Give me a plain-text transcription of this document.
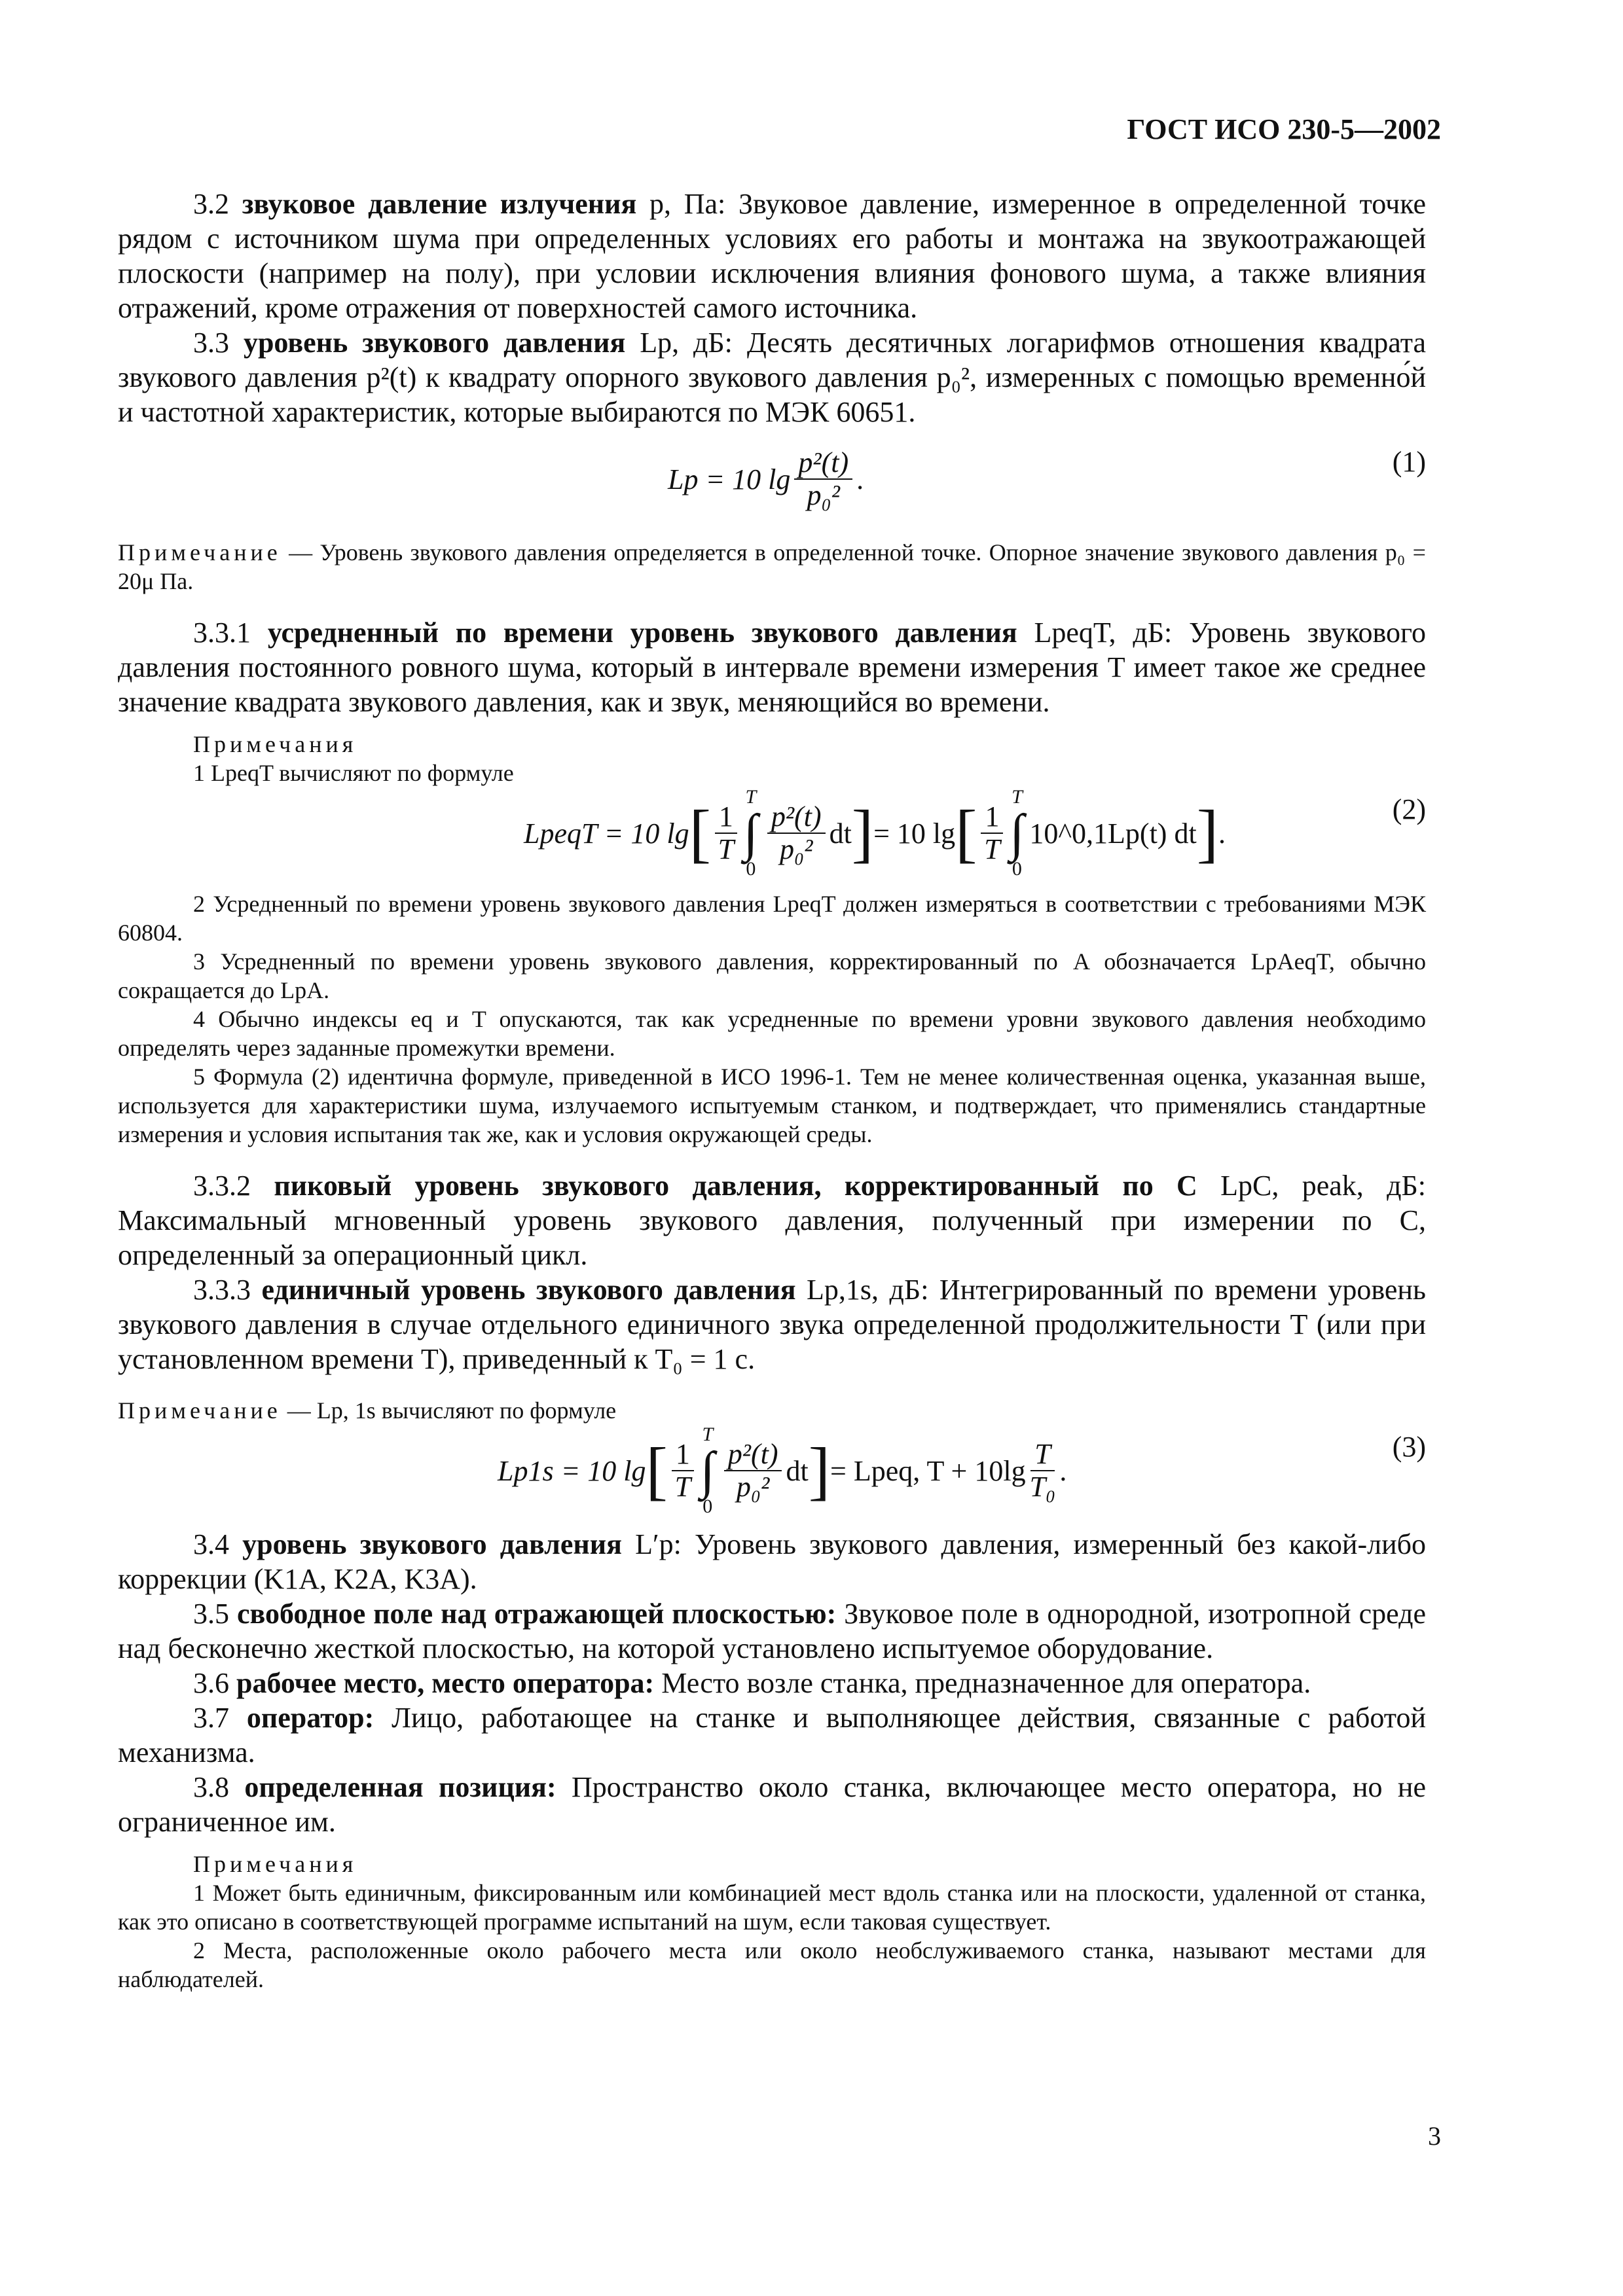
ГОСТ ИСО 230-5—2002

3.2 звуковое давление излучения p, Па: Звуковое давление, измеренное в определенной точке рядом с источником шума при определенных условиях его работы и монтажа на звукоотражающей плоскости (например на полу), при условии исключения влияния фонового шума, а также влияния отражений, кроме отражения от поверхностей самого источника.

3.3 уровень звукового давления Lp, дБ: Десять десятичных логарифмов отношения квадрата звукового давления p²(t) к квадрату опорного звукового давления p₀², измеренных с помощью временно́й и частотной характеристик, которые выбираются по МЭК 60651.

Lp = 10 $\lg \frac{\text{p²(t)}}{\text{p₀²}}$ .
(1)

Примечание — Уровень звукового давления определяется в определенной точке. Опорное значение звукового давления p₀ = 20μ Па.

3.3.1 усредненный по времени уровень звукового давления LpeqT, дБ: Уровень звукового давления постоянного ровного шума, который в интервале времени измерения T имеет такое же среднее значение квадрата звукового давления, как и звук, меняющийся во времени.

Примечания

1 LpeqT вычисляют по формуле

LpeqT = 10 lg [ $\frac{1}{T}$
T
∫
0
$\frac{\text{p²(t)}}{\text{p₀²}}$ dt ] = 10 lg [ $\frac{1}{T}$
T
∫
0
10^0,1Lp(t)
dt ] .
(2)

2 Усредненный по времени уровень звукового давления LpeqT должен измеряться в соответствии с требованиями МЭК 60804.

3 Усредненный по времени уровень звукового давления, корректированный по A обозначается LpAeqT, обычно сокращается до LpA.

4 Обычно индексы eq и T опускаются, так как усредненные по времени уровни звукового давления необходимо определять через заданные промежутки времени.

5 Формула (2) идентична формуле, приведенной в ИСО 1996-1. Тем не менее количественная оценка, указанная выше, используется для характеристики шума, излучаемого испытуемым станком, и подтверждает, что применялись стандартные измерения и условия испытания так же, как и условия окружающей среды.

3.3.2 пиковый уровень звукового давления, корректированный по C LpC, peak, дБ: Максимальный мгновенный уровень звукового давления, полученный при измерении по C, определенный за операционный цикл.

3.3.3 единичный уровень звукового давления Lp,1s, дБ: Интегрированный по времени уровень звукового давления в случае отдельного единичного звука определенной продолжительности T (или при установленном времени T), приведенный к T₀ = 1 с.

Примечание — Lp, 1s вычисляют по формуле

Lp1s = 10 lg [ $\frac{1}{T}$
T
∫
0
$\frac{\text{p²(t)}}{\text{p₀²}}$ dt ] = Lpeq, $T + 10\lg \frac{T}{\text{T₀}}$ .
(3)

3.4 уровень звукового давления L′p: Уровень звукового давления, измеренный без какой-либо коррекции (K1A, K2A, K3A).

3.5 свободное поле над отражающей плоскостью: Звуковое поле в однородной, изотропной среде над бесконечно жесткой плоскостью, на которой установлено испытуемое оборудование.

3.6 рабочее место, место оператора: Место возле станка, предназначенное для оператора.

3.7 оператор: Лицо, работающее на станке и выполняющее действия, связанные с работой механизма.

3.8 определенная позиция: Пространство около станка, включающее место оператора, но не ограниченное им.

Примечания

1 Может быть единичным, фиксированным или комбинацией мест вдоль станка или на плоскости, удаленной от станка, как это описано в соответствующей программе испытаний на шум, если таковая существует.

2 Места, расположенные около рабочего места или около необслуживаемого станка, называют местами для наблюдателей.

3
